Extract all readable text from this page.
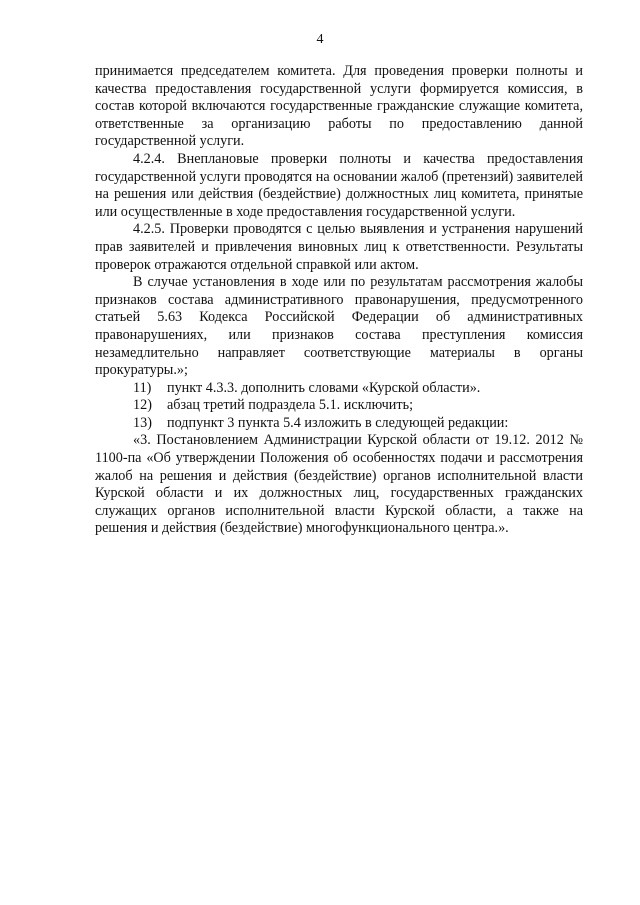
4

принимается председателем комитета. Для проведения проверки полноты и качества предоставления государственной услуги формируется комиссия, в состав которой включаются государственные гражданские служащие комитета, ответственные за организацию работы по предоставлению данной государственной услуги.

4.2.4. Внеплановые проверки полноты и качества предоставления государственной услуги проводятся на основании жалоб (претензий) заявителей на решения или действия (бездействие) должностных лиц комитета, принятые или осуществленные в ходе предоставления государственной услуги.

4.2.5. Проверки проводятся с целью выявления и устранения нарушений прав заявителей и привлечения виновных лиц к ответственности. Результаты проверок отражаются отдельной справкой или актом.

В случае установления в ходе или по результатам рассмотрения жалобы признаков состава административного правонарушения, предусмотренного статьей 5.63 Кодекса Российской Федерации об административных правонарушениях, или признаков состава преступления комиссия незамедлительно направляет соответствующие материалы в органы прокуратуры.»;

11) пункт 4.3.3. дополнить словами «Курской области».

12) абзац третий подраздела 5.1. исключить;

13) подпункт 3 пункта 5.4 изложить в следующей редакции:

«3. Постановлением Администрации Курской области от 19.12. 2012 № 1100-па «Об утверждении Положения об особенностях подачи и рассмотрения жалоб на решения и действия (бездействие) органов исполнительной власти Курской области и их должностных лиц, государственных гражданских служащих органов исполнительной власти Курской области, а также на решения и действия (бездействие) многофункционального центра.».
